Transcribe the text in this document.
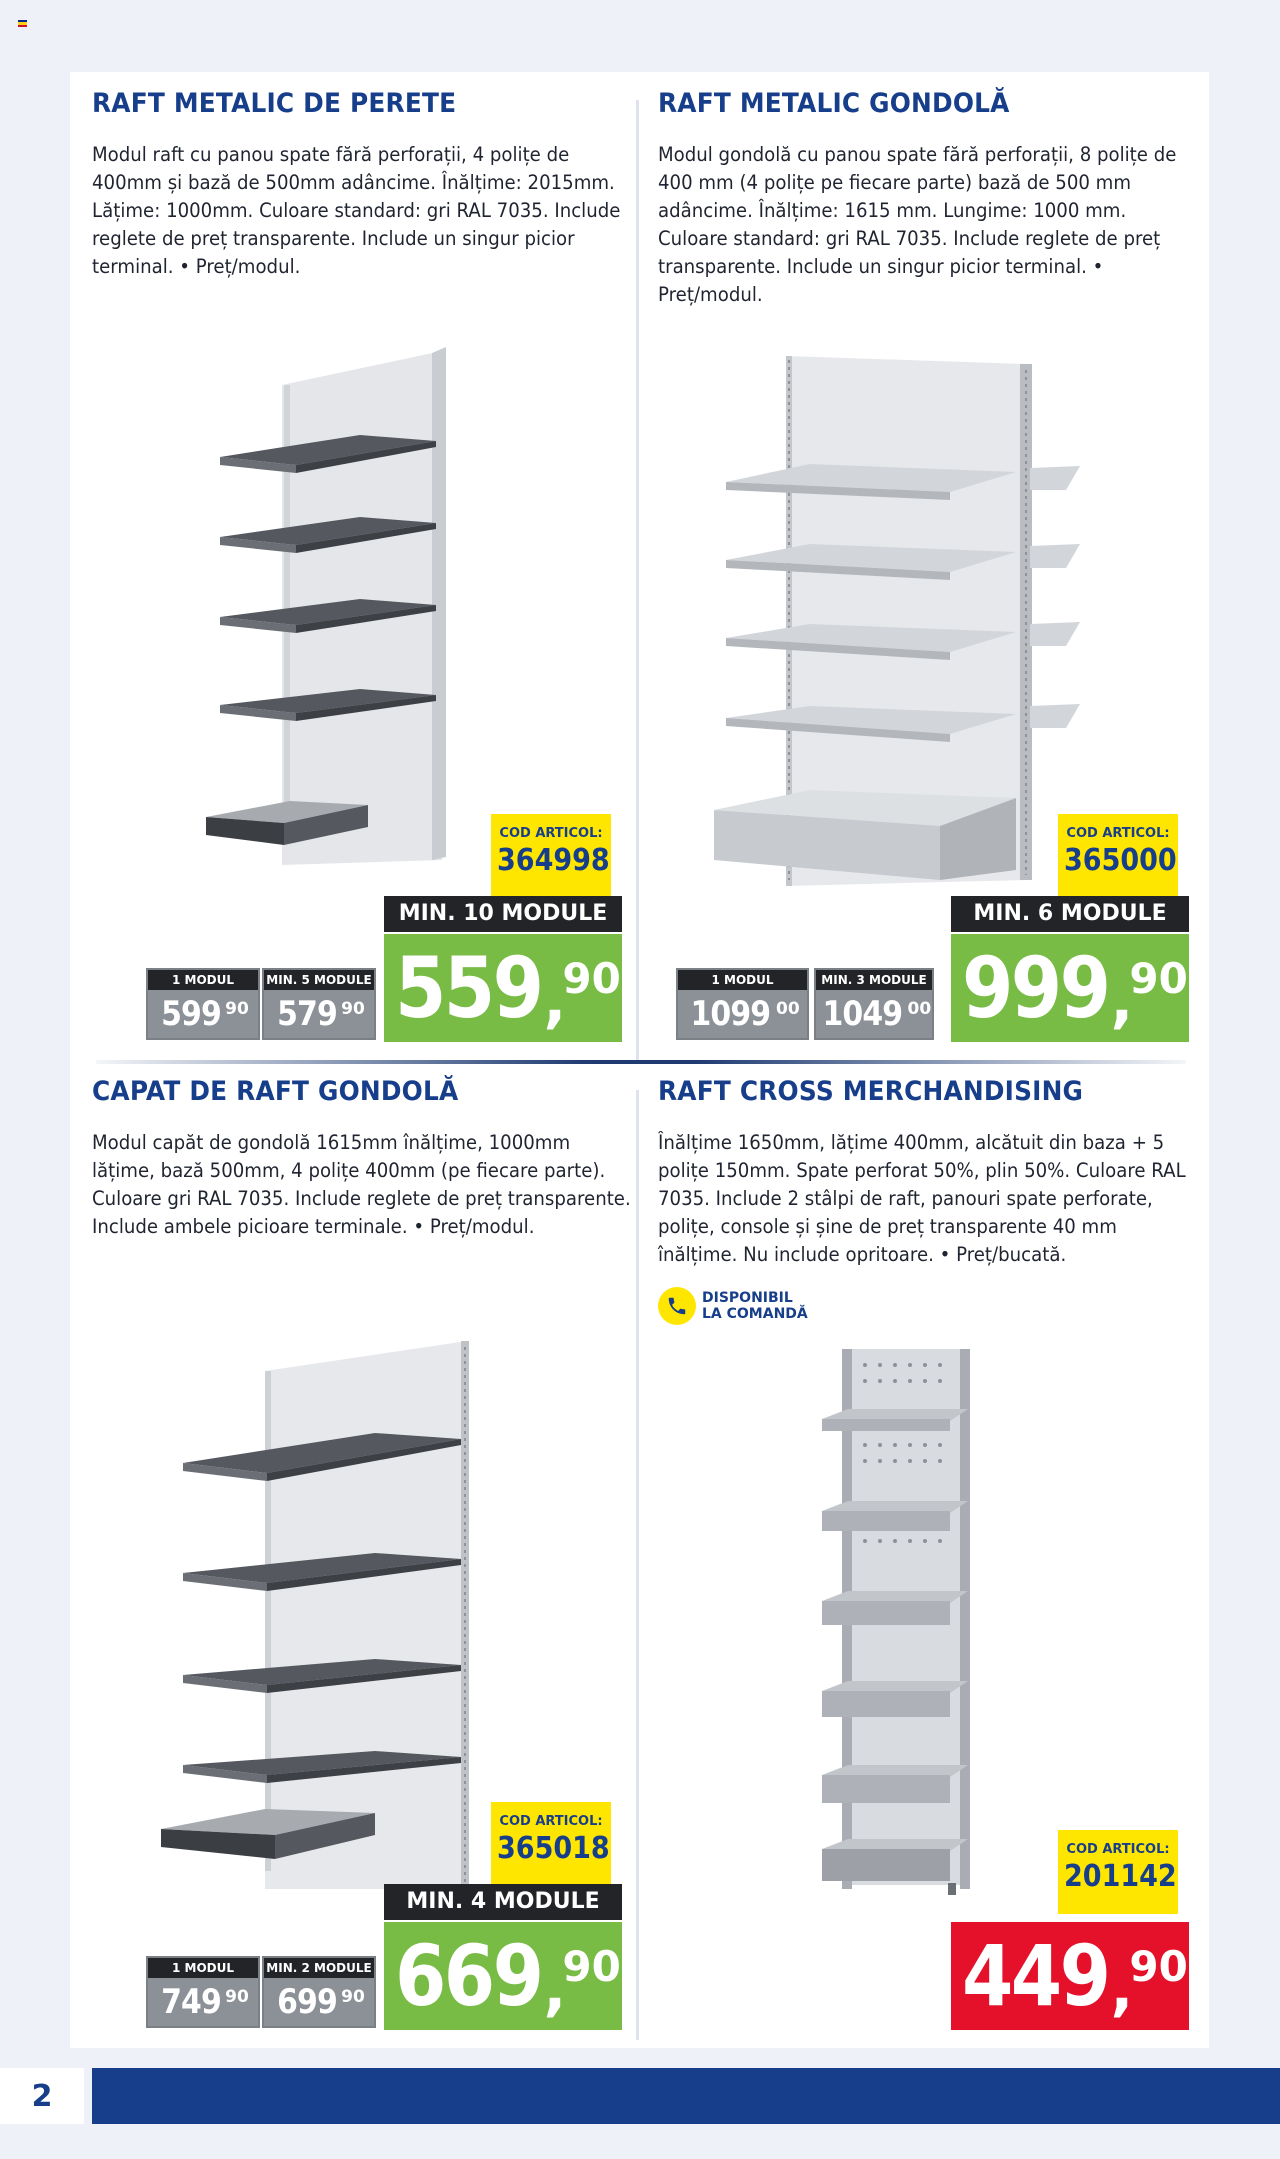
RAFT METALIC DE PERETE
Modul raft cu panou spate fără perforații, 4 polițe de 400mm și bază de 500mm adâncime. Înălțime: 2015mm. Lățime: 1000mm. Culoare standard: gri RAL 7035. Include reglete de preț transparente. Include un singur picior terminal. • Preț/modul.
COD ARTICOL:
364998
MIN. 10 MODULE
559 ,
90
1 MODUL
599 90
MIN. 5 MODULE
579 90
RAFT METALIC GONDOLĂ
Modul gondolă cu panou spate fără perforații, 8 polițe de 400 mm (4 polițe pe fiecare parte) bază de 500 mm adâncime. Înălțime: 1615 mm. Lungime: 1000 mm. Culoare standard: gri RAL 7035. Include reglete de preț transparente. Include un singur picior terminal. • Preț/modul.
COD ARTICOL:
365000
MIN. 6 MODULE
999 ,
90
1 MODUL
1099 00
MIN. 3 MODULE
1049 00
CAPAT DE RAFT GONDOLĂ
Modul capăt de gondolă 1615mm înălțime, 1000mm lățime, bază 500mm, 4 polițe 400mm (pe fiecare parte). Culoare gri RAL 7035. Include reglete de preț transparente. Include ambele picioare terminale. • Preț/modul.
COD ARTICOL:
365018
MIN. 4 MODULE
669 ,
90
1 MODUL
749 90
MIN. 2 MODULE
699 90
RAFT CROSS MERCHANDISING
Înălțime 1650mm, lățime 400mm, alcătuit din baza + 5 polițe 150mm. Spate perforat 50%, plin 50%. Culoare RAL 7035. Include 2 stâlpi de raft, panouri spate perforate, polițe, console și șine de preț transparente 40 mm înălțime. Nu include opritoare. • Preț/bucată.
DISPONIBIL LA COMANDĂ
COD ARTICOL:
201142
449 ,
90
2
